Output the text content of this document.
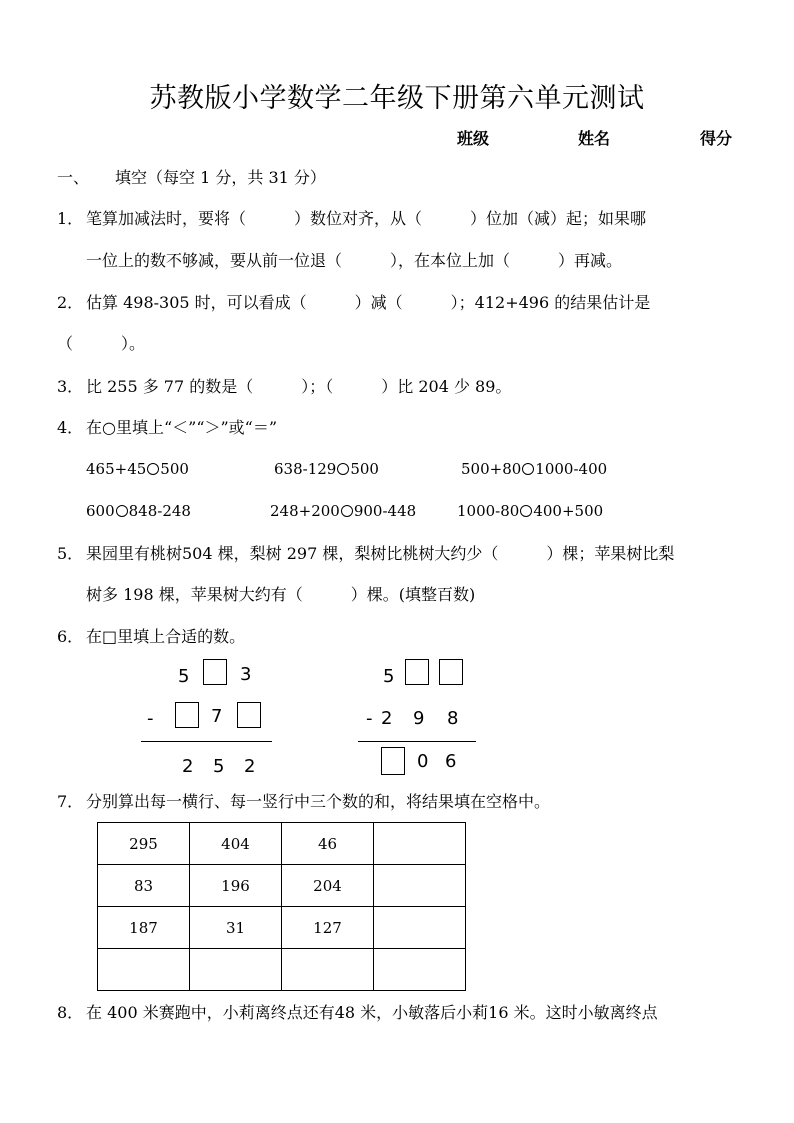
苏教版小学数学二年级下册第六单元测试
班级	姓名	得分
一、 填空（每空 1 分，共 31 分）
1． 笔算加减法时，要将（　　　）数位对齐，从（　　　）位加（减）起；如果哪
一位上的数不够减，要从前一位退（　　　），在本位上加（　　　）再减。
2． 估算 498-305 时，可以看成（　　　）减（　　　）；412+496 的结果估计是
（　　　）。
3． 比 255 多 77 的数是（　　　）；（　　　）比 204 少 89。
4． 在○里填上“＜”“＞”或“＝”
465+45 500	638-129 500	500+80 1000-400
600 848-248	248+200 900-448	1000-80 400+500
5． 果园里有桃树504 棵，梨树 297 棵，梨树比桃树大约少（　　　）棵；苹果树比梨
树多 198 棵，苹果树大约有（　　　）棵。(填整百数)
6． 在□里填上合适的数。
5	3
-	7
2 5 2
5
- 2 9 8
0 6
7． 分别算出每一横行、每一竖行中三个数的和，将结果填在空格中。
295	404	46	
83	196	204	
187	31	127	

8． 在 400 米赛跑中，小莉离终点还有48 米，小敏落后小莉16 米。这时小敏离终点
